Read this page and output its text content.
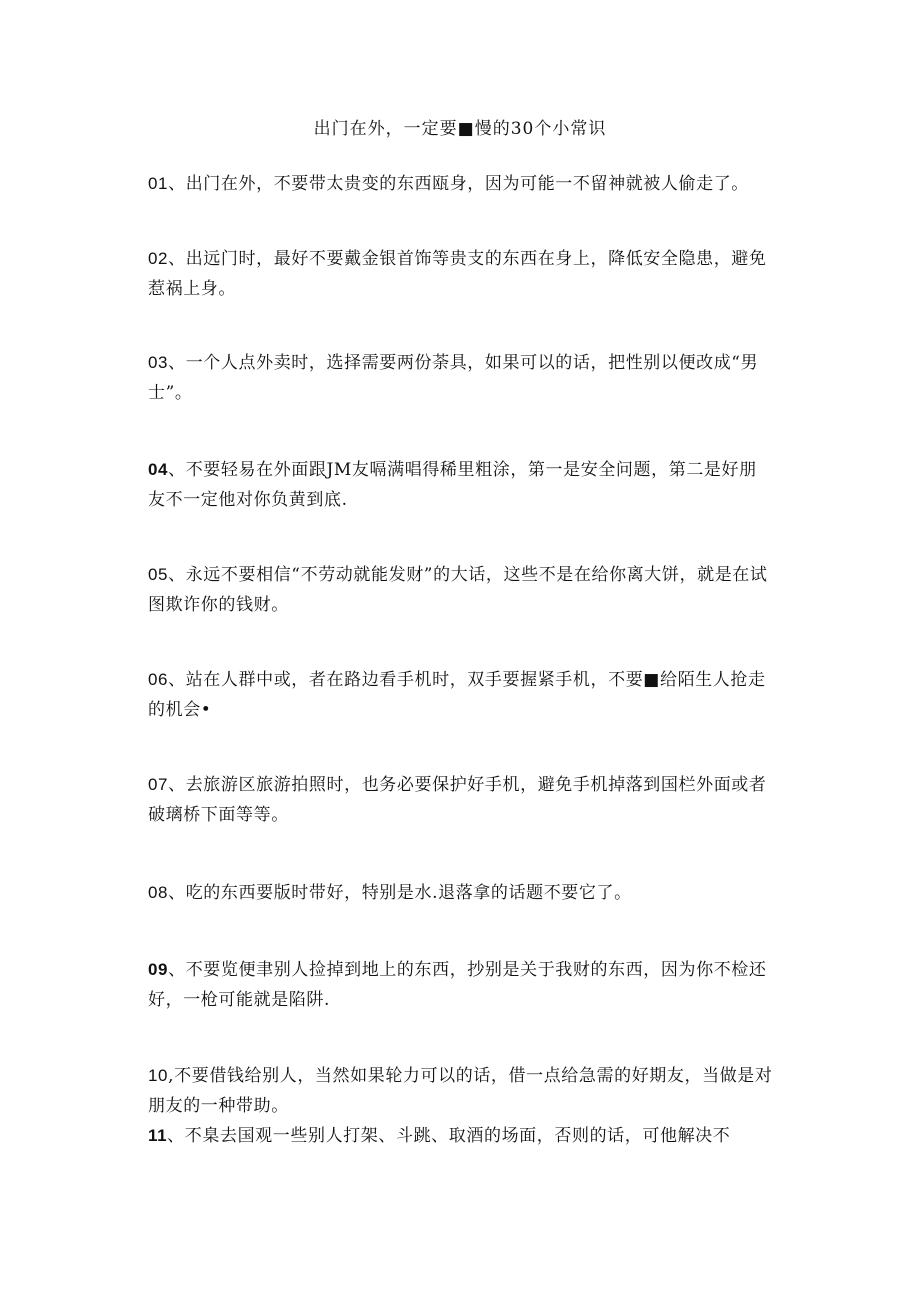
出门在外，一定要■慢的30个小常识
01、出门在外，不要带太贵变的东西瓯身，因为可能一不留神就被人偷走了。
02、出远门时，最好不要戴金银首饰等贵支的东西在身上，降低安全隐患，避免惹祸上身。
03、一个人点外卖时，选择需要两份荼具，如果可以的话，把性别以便改成“男士”。
04、不要轻易在外面跟JM友嗝满唱得稀里粗涂，第一是安全问题，第二是好朋友不一定他对你负黄到底.
05、永远不要相信“不劳动就能发财”的大话，这些不是在给你离大饼，就是在试图欺诈你的钱财。
06、站在人群中或，者在路边看手机时，双手要握紧手机，不要■给陌生人抢走的机会•
07、去旅游区旅游拍照时，也务必要保护好手机，避免手机掉落到国栏外面或者破璃桥下面等等。
08、吃的东西要版时带好，特别是水.退落拿的话题不要它了。
09、不要览便聿别人捡掉到地上的东西，抄别是关于我财的东西，因为你不检还好，一枪可能就是陷阱.
10,不要借钱给别人，当然如果轮力可以的话，借一点给急需的好期友，当做是对朋友的一种带助。
11、不臬去国观一些别人打架、斗跳、取酒的场面，否则的话，可他解决不
